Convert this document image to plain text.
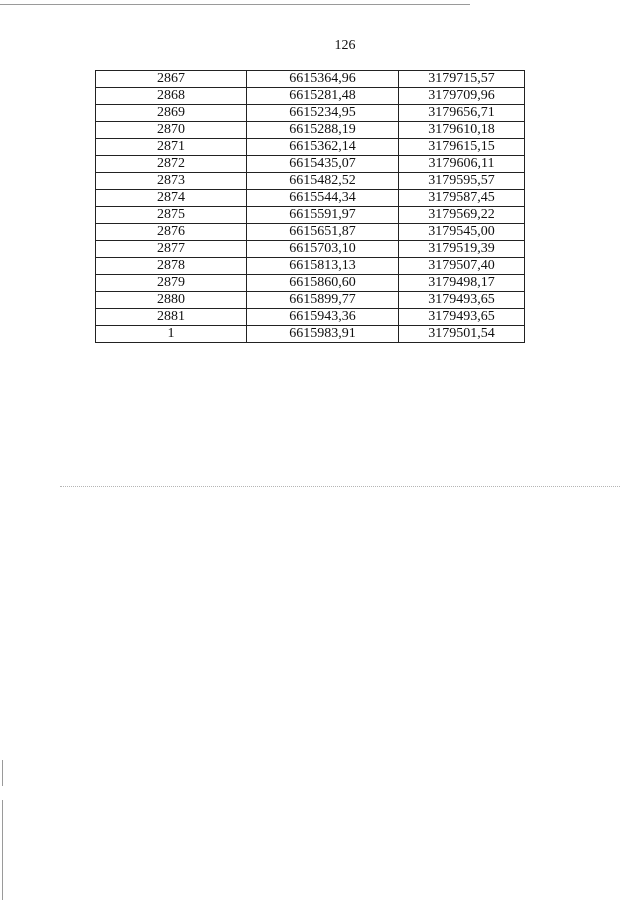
126
2867	6615364,96	3179715,57
2868	6615281,48	3179709,96
2869	6615234,95	3179656,71
2870	6615288,19	3179610,18
2871	6615362,14	3179615,15
2872	6615435,07	3179606,11
2873	6615482,52	3179595,57
2874	6615544,34	3179587,45
2875	6615591,97	3179569,22
2876	6615651,87	3179545,00
2877	6615703,10	3179519,39
2878	6615813,13	3179507,40
2879	6615860,60	3179498,17
2880	6615899,77	3179493,65
2881	6615943,36	3179493,65
1	6615983,91	3179501,54
